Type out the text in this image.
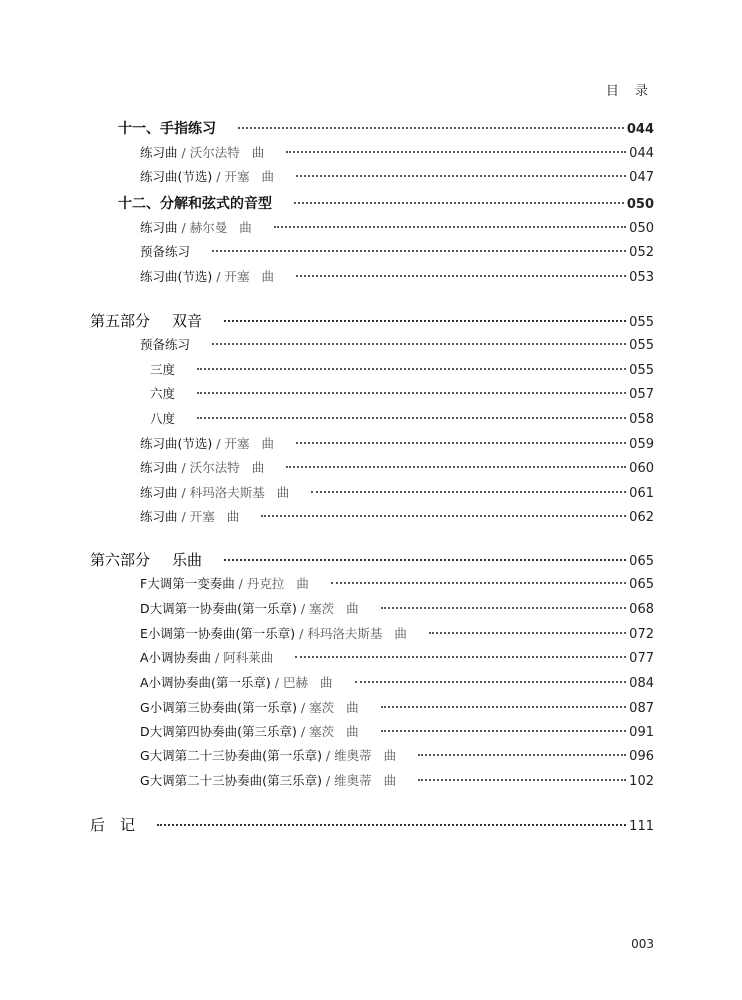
目 录
十一、手指练习	044
练习曲 / 沃尔法特 曲	044
练习曲(节选) / 开塞 曲	047
十二、分解和弦式的音型	050
练习曲 / 赫尔曼 曲	050
预备练习	052
练习曲(节选) / 开塞 曲	053
第五部分 双音	055
预备练习	055
三度	055
六度	057
八度	058
练习曲(节选) / 开塞 曲	059
练习曲 / 沃尔法特 曲	060
练习曲 / 科玛洛夫斯基 曲	061
练习曲 / 开塞 曲	062
第六部分 乐曲	065
F大调第一变奏曲 / 丹克拉 曲	065
D大调第一协奏曲(第一乐章) / 塞茨 曲	068
E小调第一协奏曲(第一乐章) / 科玛洛夫斯基 曲	072
A小调协奏曲 / 阿科莱曲	077
A小调协奏曲(第一乐章) / 巴赫 曲	084
G小调第三协奏曲(第一乐章) / 塞茨 曲	087
D大调第四协奏曲(第三乐章) / 塞茨 曲	091
G大调第二十三协奏曲(第一乐章) / 维奥蒂 曲	096
G大调第二十三协奏曲(第三乐章) / 维奥蒂 曲	102
后　记	111
003
